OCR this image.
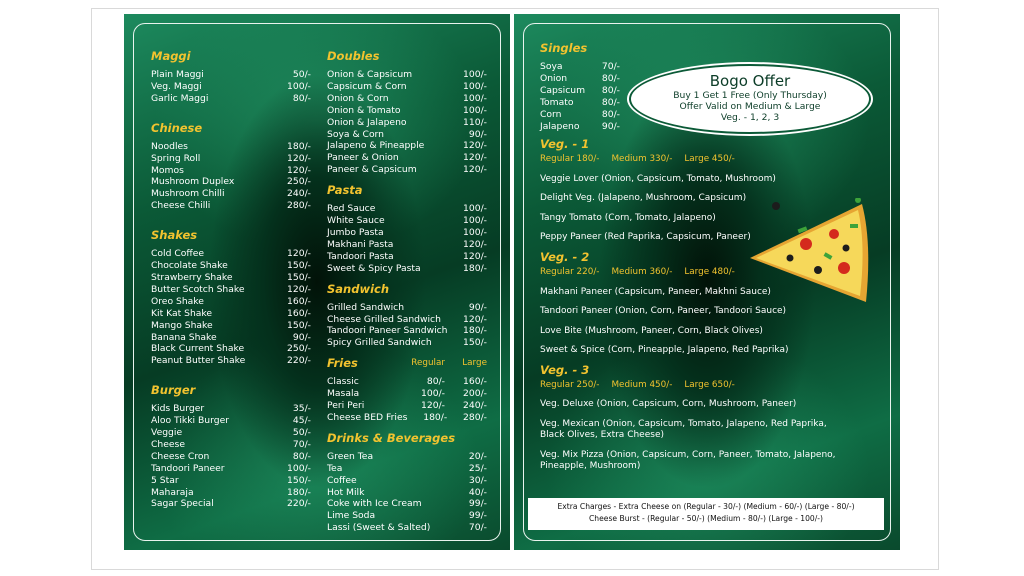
Maggi
Plain Maggi	50/-
Veg. Maggi	100/-
Garlic Maggi	80/-
Chinese
Noodles	180/-
Spring Roll	120/-
Momos	120/-
Mushroom Duplex	250/-
Mushroom Chilli	240/-
Cheese Chilli	280/-
Shakes
Cold Coffee	120/-
Chocolate Shake	150/-
Strawberry Shake	150/-
Butter Scotch Shake	120/-
Oreo Shake	160/-
Kit Kat Shake	160/-
Mango Shake	150/-
Banana Shake	90/-
Black Current Shake	250/-
Peanut Butter Shake	220/-
Burger
Kids Burger	35/-
Aloo Tikki Burger	45/-
Veggie	50/-
Cheese	70/-
Cheese Cron	80/-
Tandoori Paneer	100/-
5 Star	150/-
Maharaja	180/-
Sagar Special	220/-
Doubles
Onion & Capsicum	100/-
Capsicum & Corn	100/-
Onion & Corn	100/-
Onion & Tomato	100/-
Onion & Jalapeno	110/-
Soya & Corn	90/-
Jalapeno & Pineapple	120/-
Paneer & Onion	120/-
Paneer & Capsicum	120/-
Pasta
Red Sauce	100/-
White Sauce	100/-
Jumbo Pasta	100/-
Makhani Pasta	120/-
Tandoori Pasta	120/-
Sweet & Spicy Pasta	180/-
Sandwich
Grilled Sandwich	90/-
Cheese Grilled Sandwich 120/-
Tandoori Paneer Sandwich 180/-
Spicy Grilled Sandwich	150/-
Fries	Regular	Large
Classic	80/-	160/-
Masala	100/-	200/-
Peri Peri	120/-	240/-
Cheese BED Fries	180/-	280/-
Drinks & Beverages
Green Tea	20/-
Tea	25/-
Coffee	30/-
Hot Milk	40/-
Coke with Ice Cream	99/-
Lime Soda	99/-
Lassi (Sweet & Salted)	70/-
Singles
Soya	70/-
Onion	80/-
Capsicum 80/-
Tomato	80/-
Corn	80/-
Jalapeno 90/-
Bogo Offer
Buy 1 Get 1 Free (Only Thursday)
Offer Valid on Medium & Large
Veg. - 1, 2, 3
Veg. - 1
Regular 180/- Medium 330/- Large 450/-
Veggie Lover (Onion, Capsicum, Tomato, Mushroom)
Delight Veg. (Jalapeno, Mushroom, Capsicum)
Tangy Tomato (Corn, Tomato, Jalapeno)
Peppy Paneer (Red Paprika, Capsicum, Paneer)
Veg. - 2
Regular 220/- Medium 360/- Large 480/-
Makhani Paneer (Capsicum, Paneer, Makhni Sauce)
Tandoori Paneer (Onion, Corn, Paneer, Tandoori Sauce)
Love Bite (Mushroom, Paneer, Corn, Black Olives)
Sweet & Spice (Corn, Pineapple, Jalapeno, Red Paprika)
Veg. - 3
Regular 250/- Medium 450/- Large 650/-
Veg. Deluxe (Onion, Capsicum, Corn, Mushroom, Paneer)
Veg. Mexican (Onion, Capsicum, Tomato, Jalapeno, Red Paprika, Black Olives, Extra Cheese)
Veg. Mix Pizza (Onion, Capsicum, Corn, Paneer, Tomato, Jalapeno, Pineapple, Mushroom)
Extra Charges - Extra Cheese on (Regular - 30/-) (Medium - 60/-) (Large - 80/-)
Cheese Burst - (Regular - 50/-) (Medium - 80/-) (Large - 100/-)
